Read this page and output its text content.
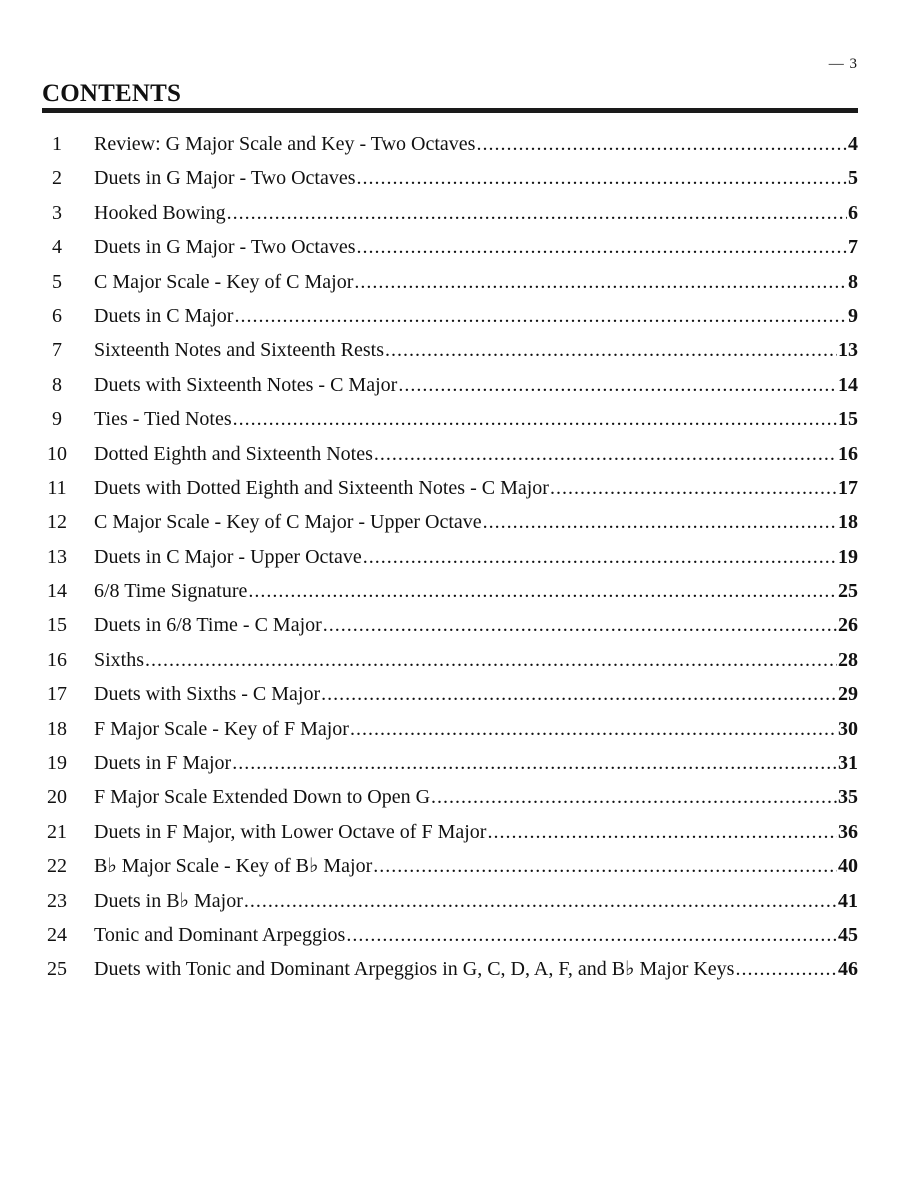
— 3
CONTENTS
1	Review: G Major Scale and Key - Two Octaves .....	4
2	Duets in G Major - Two Octaves .....	5
3	Hooked Bowing .....	6
4	Duets in G Major - Two Octaves .....	7
5	C Major Scale - Key of C Major .....	8
6	Duets in C Major .....	9
7	Sixteenth Notes and Sixteenth Rests .....	13
8	Duets with Sixteenth Notes - C Major .....	14
9	Ties - Tied Notes .....	15
10 Dotted Eighth and Sixteenth Notes .....	16
11 Duets with Dotted Eighth and Sixteenth Notes - C Major .....	17
12 C Major Scale - Key of C Major - Upper Octave .....	18
13 Duets in C Major - Upper Octave .....	19
14 6/8 Time Signature .....	25
15 Duets in 6/8 Time - C Major .....	26
16 Sixths .....	28
17 Duets with Sixths - C Major .....	29
18 F Major Scale - Key of F Major .....	30
19 Duets in F Major .....	31
20 F Major Scale Extended Down to Open G .....	35
21 Duets in F Major, with Lower Octave of F Major .....	36
22 B♭ Major Scale - Key of B♭ Major .....	40
23 Duets in B♭ Major .....	41
24 Tonic and Dominant Arpeggios .....	45
25 Duets with Tonic and Dominant Arpeggios in G, C, D, A, F, and B♭ Major Keys .....	46
